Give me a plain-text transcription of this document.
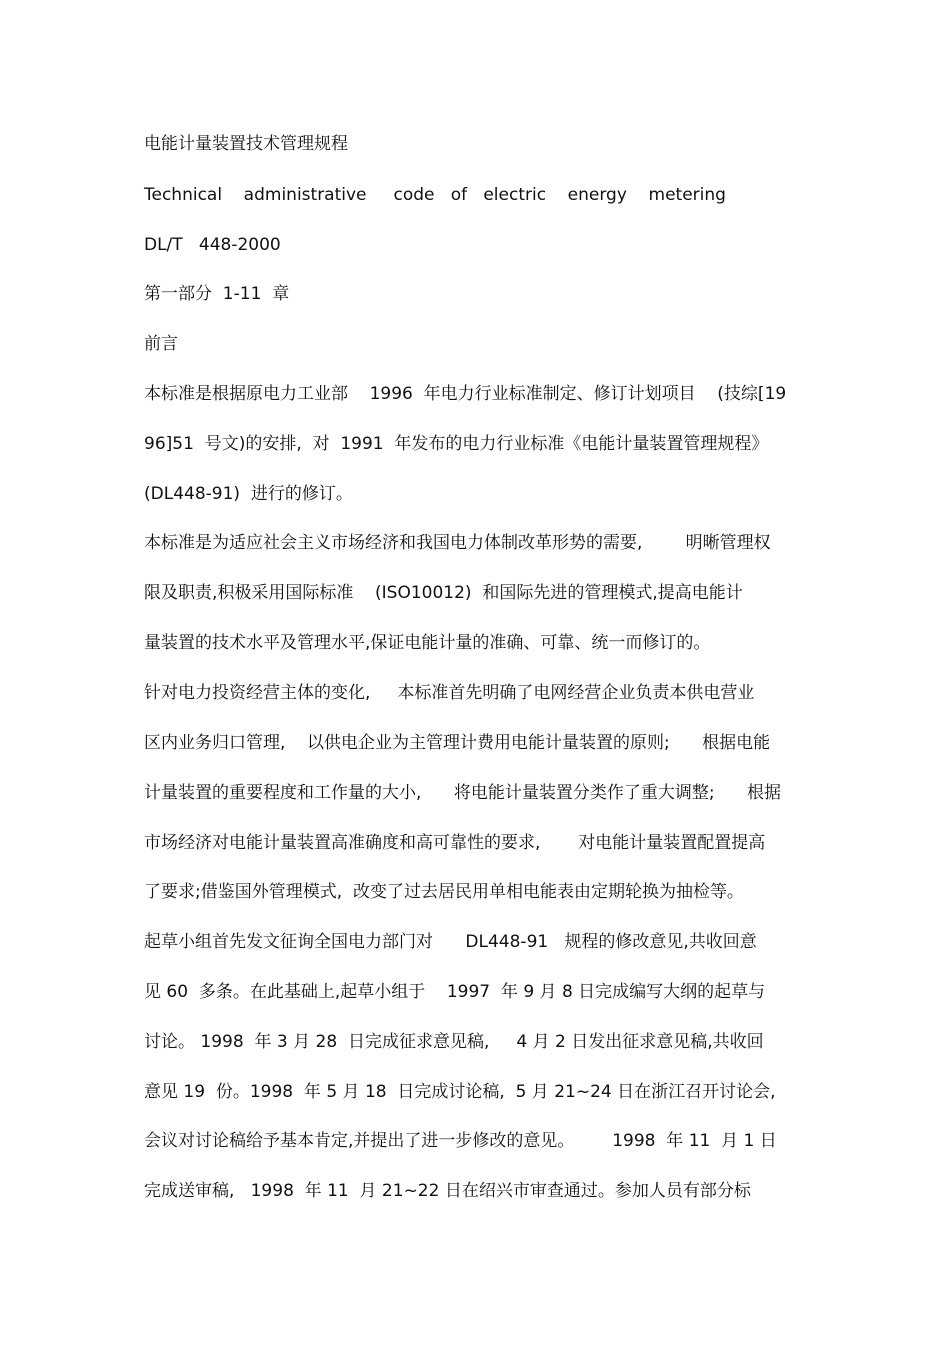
电能计量装置技术管理规程
Technical    administrative     code   of   electric    energy    metering
DL/T   448-2000
第一部分  1-11  章
前言
本标准是根据原电力工业部    1996  年电力行业标准制定、修订计划项目    (技综[19
96]51  号文)的安排,  对  1991  年发布的电力行业标准《电能计量装置管理规程》
(DL448-91)  进行的修订。
本标准是为适应社会主义市场经济和我国电力体制改革形势的需要,        明晰管理权
限及职责,积极采用国际标准    (ISO10012)  和国际先进的管理模式,提高电能计
量装置的技术水平及管理水平,保证电能计量的准确、可靠、统一而修订的。
针对电力投资经营主体的变化,     本标准首先明确了电网经营企业负责本供电营业
区内业务归口管理,    以供电企业为主管理计费用电能计量装置的原则;      根据电能
计量装置的重要程度和工作量的大小,      将电能计量装置分类作了重大调整;      根据
市场经济对电能计量装置高准确度和高可靠性的要求,       对电能计量装置配置提高
了要求;借鉴国外管理模式,  改变了过去居民用单相电能表由定期轮换为抽检等。
起草小组首先发文征询全国电力部门对      DL448-91   规程的修改意见,共收回意
见 60  多条。在此基础上,起草小组于    1997  年 9 月 8 日完成编写大纲的起草与
讨论。 1998  年 3 月 28  日完成征求意见稿,     4 月 2 日发出征求意见稿,共收回
意见 19  份。1998  年 5 月 18  日完成讨论稿,  5 月 21~24 日在浙江召开讨论会,
会议对讨论稿给予基本肯定,并提出了进一步修改的意见。       1998  年 11  月 1 日
完成送审稿,   1998  年 11  月 21~22 日在绍兴市审查通过。参加人员有部分标
